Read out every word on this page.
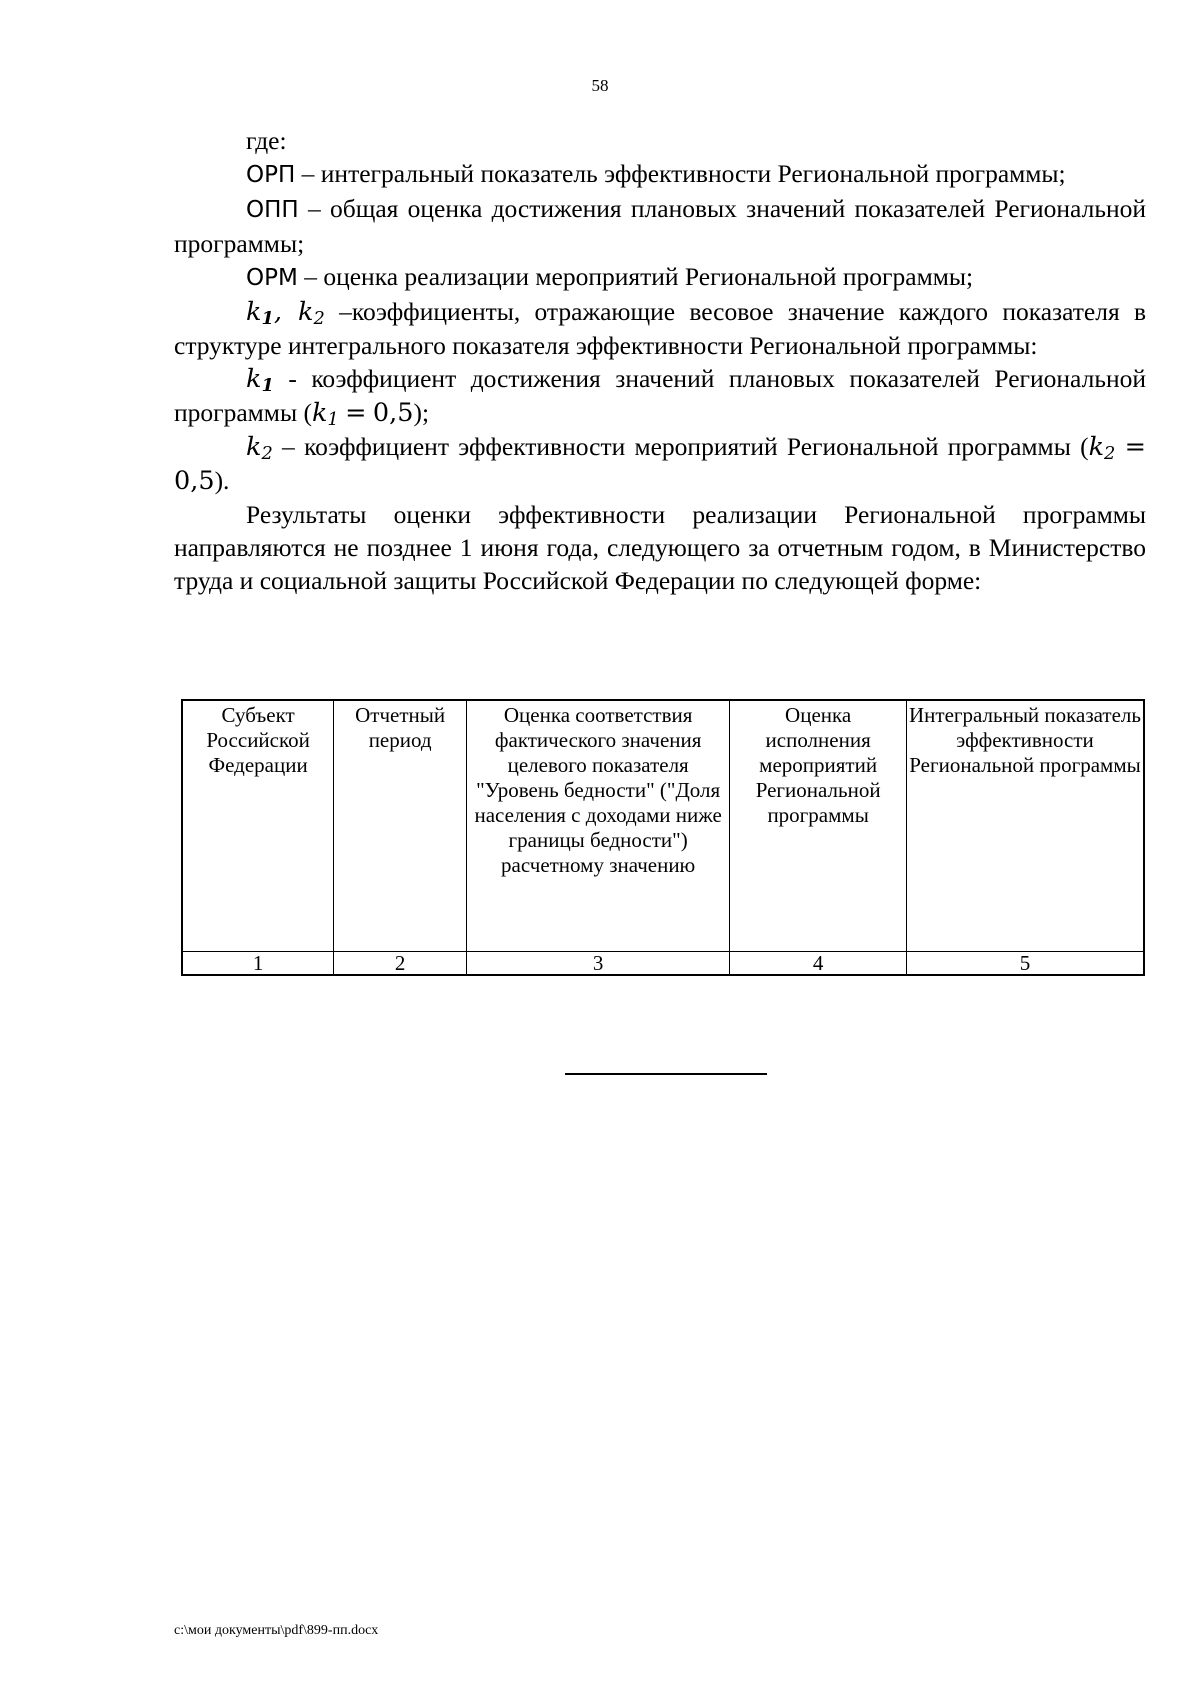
58

где:

ОРП – интегральный показатель эффективности Региональной программы;

ОПП – общая оценка достижения плановых значений показателей Региональной программы;

ОРМ – оценка реализации мероприятий Региональной программы;

$k_1$, $k_2$ –коэффициенты, отражающие весовое значение каждого показателя в структуре интегрального показателя эффективности Региональной программы:

$k_1$ - коэффициент достижения значений плановых показателей Региональной программы $(k_1 = 0,5)$;

$k_2$ – коэффициент эффективности мероприятий Региональной программы $(k_2 = 0,5)$.

Результаты оценки эффективности реализации Региональной программы направляются не позднее 1 июня года, следующего за отчетным годом, в Министерство труда и социальной защиты Российской Федерации по следующей форме:

Субъект Российской Федерации	Отчетный период	Оценка соответствия фактического значения целевого показателя "Уровень бедности" ("Доля населения с доходами ниже границы бедности") расчетному значению	Оценка исполнения мероприятий Региональной программы	Интегральный показатель эффективности Региональной программы
1	2	3	4	5
c:\мои документы\pdf\899-пп.docx
